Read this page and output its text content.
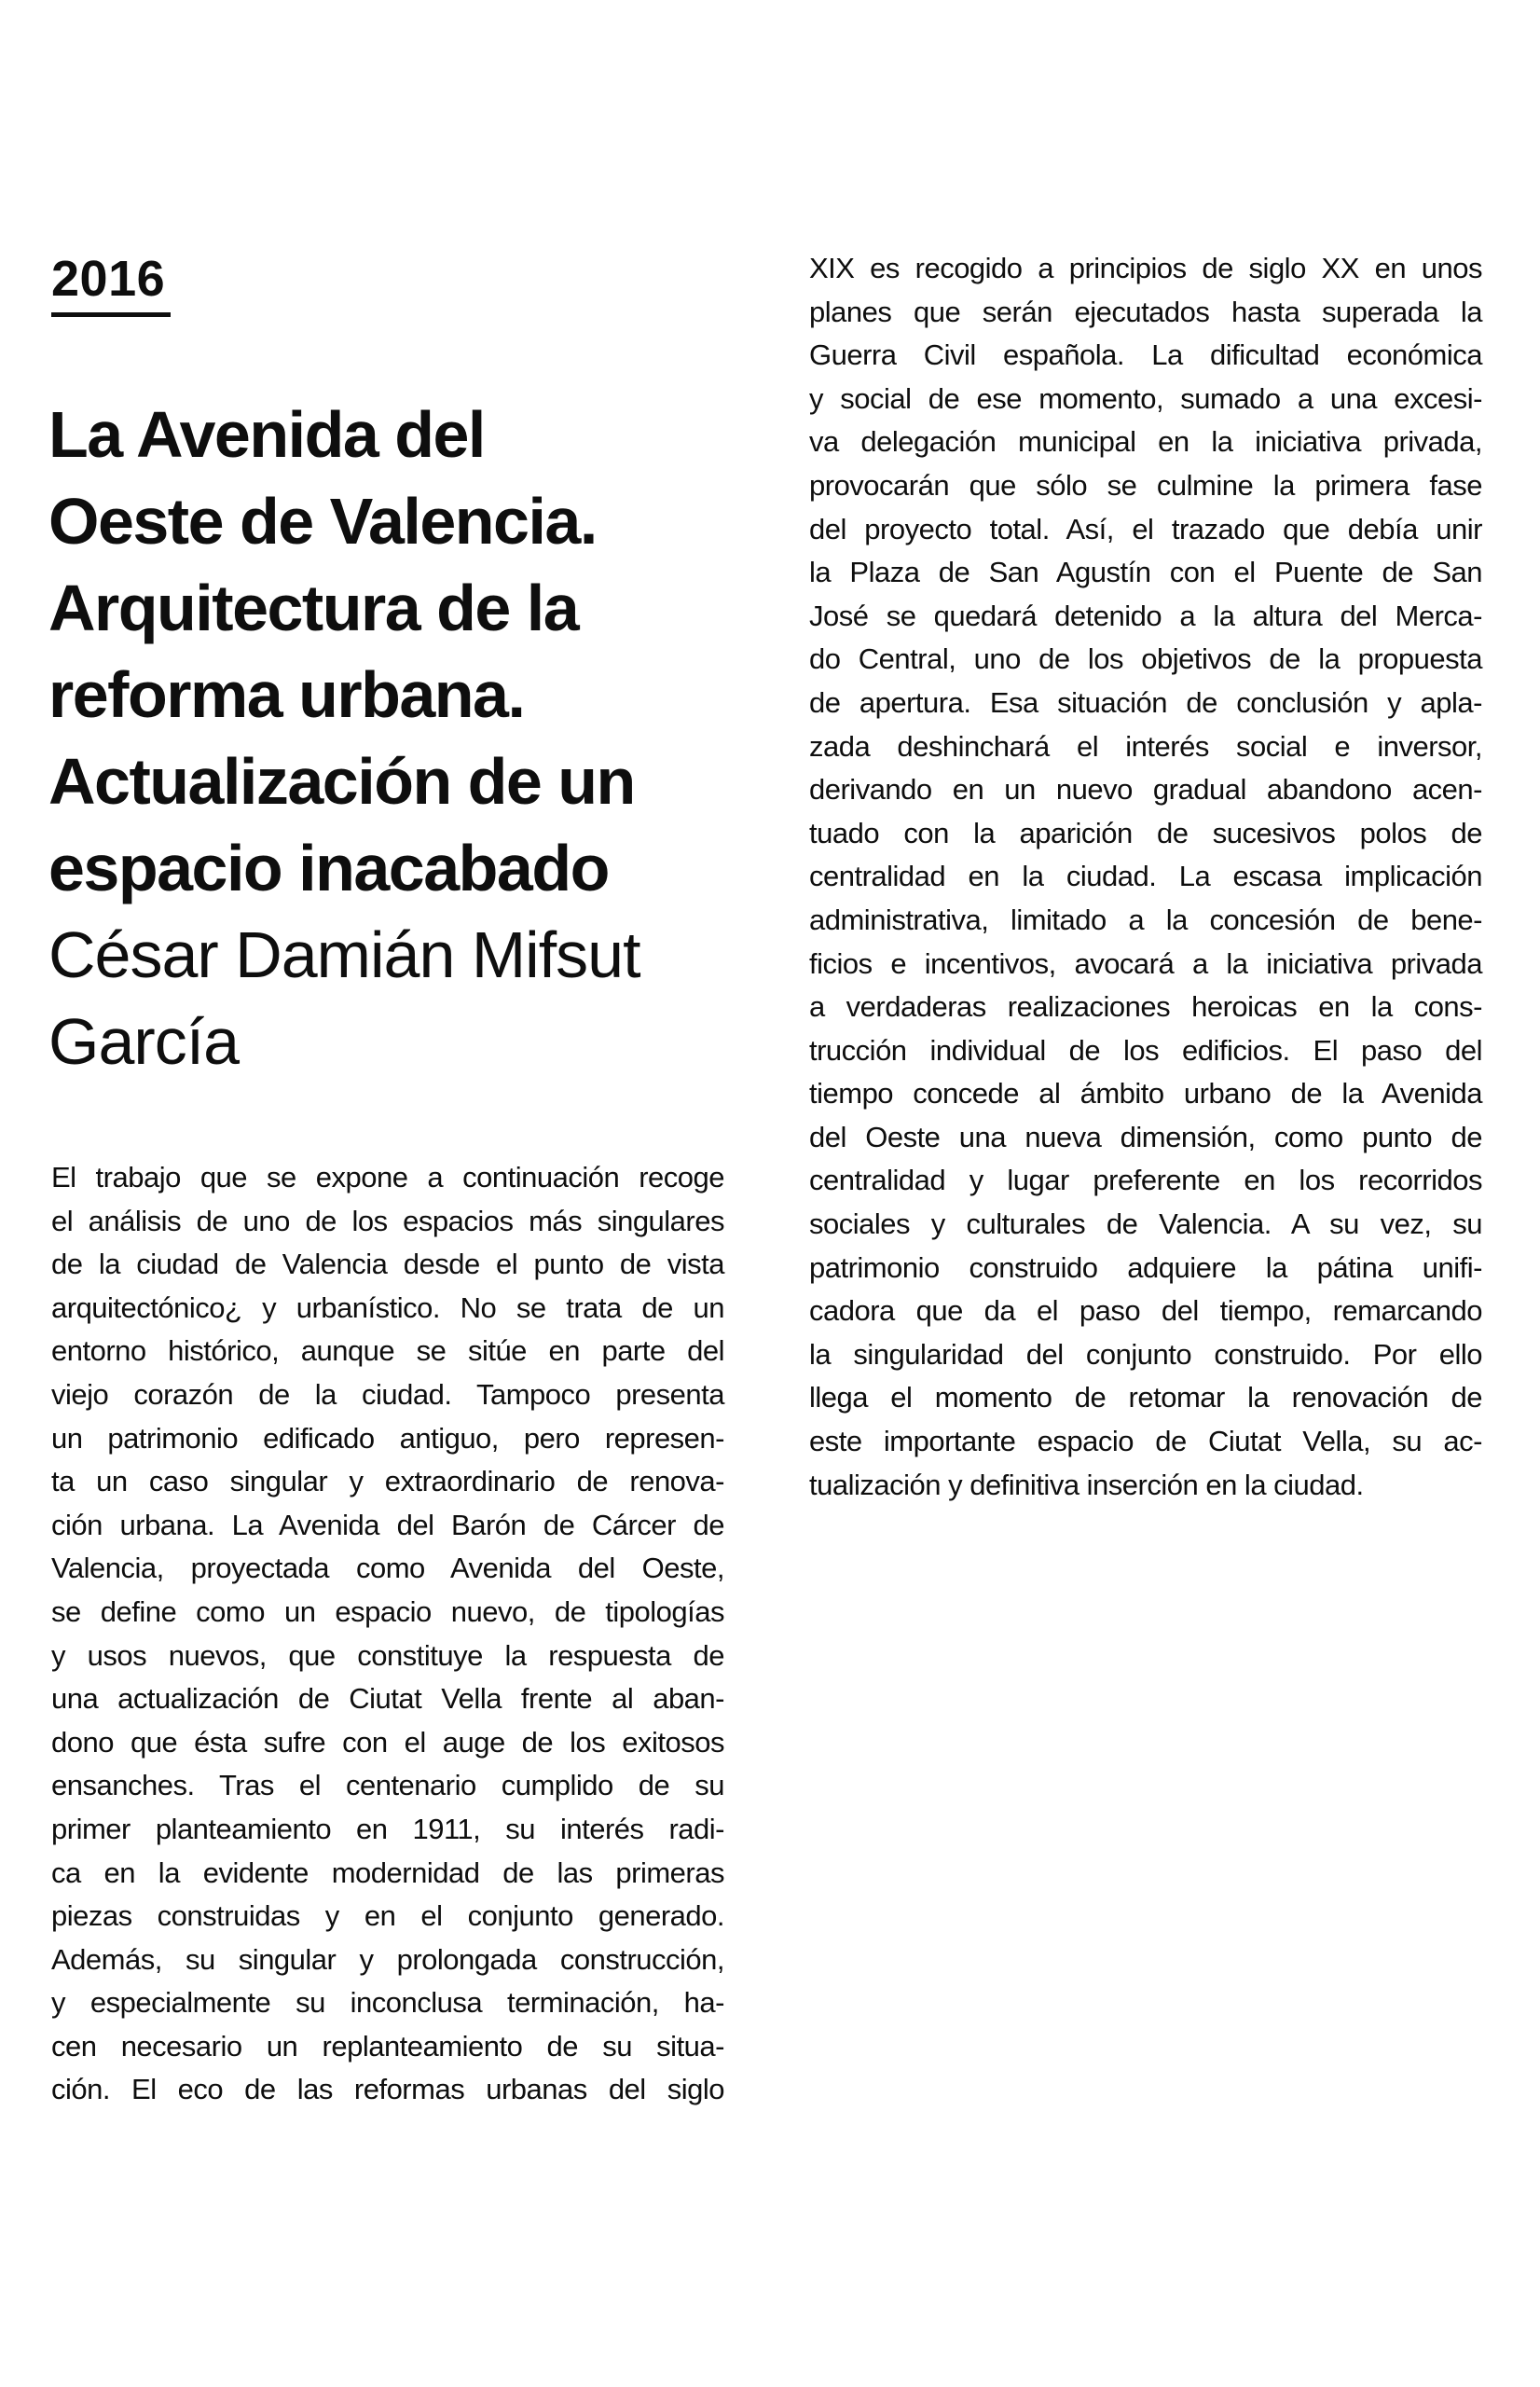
2016
La Avenida del
Oeste de Valencia.
Arquitectura de la
reforma urbana.
Actualización de un
espacio inacabado
César Damián Mifsut
García
El trabajo que se expone a continuación recoge
el análisis de uno de los espacios más singulares
de la ciudad de Valencia desde el punto de vista
arquitectónico¿ y urbanístico. No se trata de un
entorno histórico, aunque se sitúe en parte del
viejo corazón de la ciudad. Tampoco presenta
un patrimonio edificado antiguo, pero represen-
ta un caso singular y extraordinario de renova-
ción urbana. La Avenida del Barón de Cárcer de
Valencia, proyectada como Avenida del Oeste,
se define como un espacio nuevo, de tipologías
y usos nuevos, que constituye la respuesta de
una actualización de Ciutat Vella frente al aban-
dono que ésta sufre con el auge de los exitosos
ensanches. Tras el centenario cumplido de su
primer planteamiento en 1911, su interés radi-
ca en la evidente modernidad de las primeras
piezas construidas y en el conjunto generado.
Además, su singular y prolongada construcción,
y especialmente su inconclusa terminación, ha-
cen necesario un replanteamiento de su situa-
ción. El eco de las reformas urbanas del siglo
XIX es recogido a principios de siglo XX en unos
planes que serán ejecutados hasta superada la
Guerra Civil española. La dificultad económica
y social de ese momento, sumado a una excesi-
va delegación municipal en la iniciativa privada,
provocarán que sólo se culmine la primera fase
del proyecto total. Así, el trazado que debía unir
la Plaza de San Agustín con el Puente de San
José se quedará detenido a la altura del Merca-
do Central, uno de los objetivos de la propuesta
de apertura. Esa situación de conclusión y apla-
zada deshinchará el interés social e inversor,
derivando en un nuevo gradual abandono acen-
tuado con la aparición de sucesivos polos de
centralidad en la ciudad. La escasa implicación
administrativa, limitado a la concesión de bene-
ficios e incentivos, avocará a la iniciativa privada
a verdaderas realizaciones heroicas en la cons-
trucción individual de los edificios. El paso del
tiempo concede al ámbito urbano de la Avenida
del Oeste una nueva dimensión, como punto de
centralidad y lugar preferente en los recorridos
sociales y culturales de Valencia. A su vez, su
patrimonio construido adquiere la pátina unifi-
cadora que da el paso del tiempo, remarcando
la singularidad del conjunto construido. Por ello
llega el momento de retomar la renovación de
este importante espacio de Ciutat Vella, su ac-
tualización y definitiva inserción en la ciudad.
